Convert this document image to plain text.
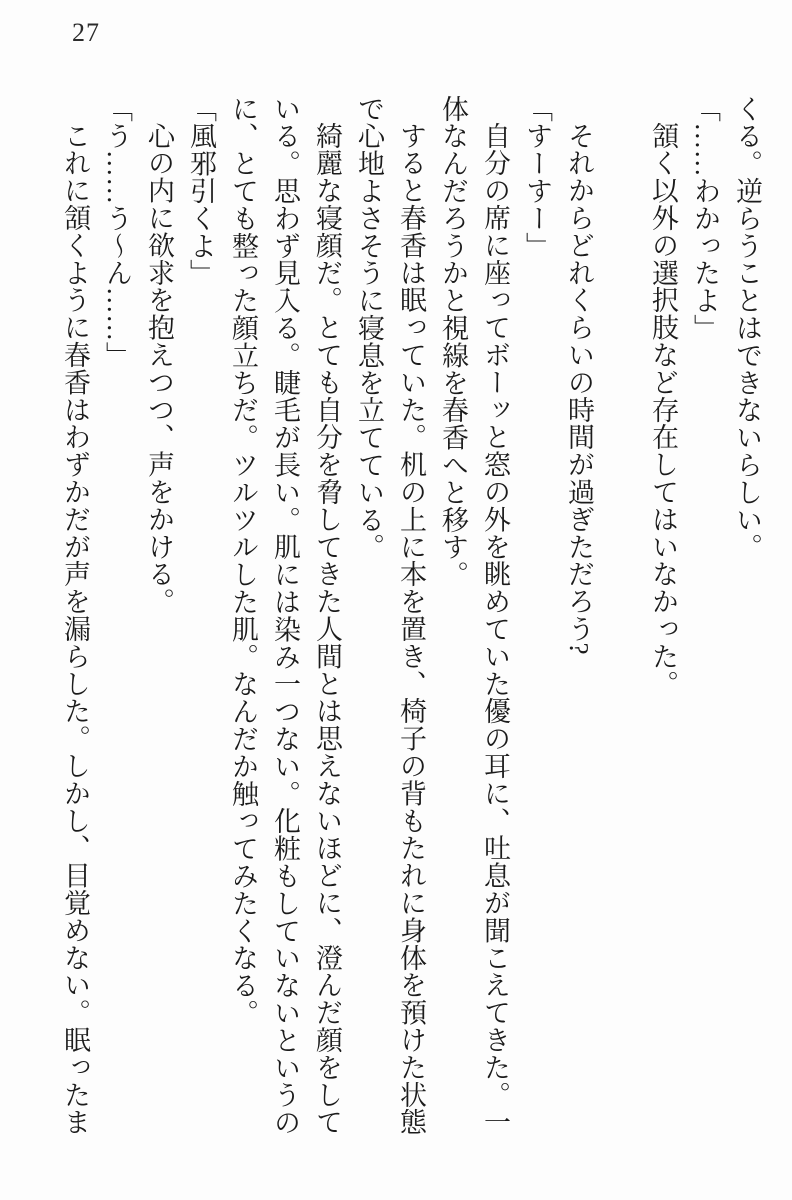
27

くる。逆らうことはできないらしい。

「……わかったよ」

頷く以外の選択肢など存在してはいなかった。

それからどれくらいの時間が過ぎただろう?

「すーすー」

自分の席に座ってボーッと窓の外を眺めていた優の耳に、吐息が聞こえてきた。一体なんだろうかと視線を春香へと移す。

すると春香は眠っていた。机の上に本を置き、椅子の背もたれに身体を預けた状態で心地よさそうに寝息を立てている。

綺麗な寝顔だ。とても自分を脅してきた人間とは思えないほどに、澄んだ顔をしている。思わず見入る。睫毛が長い。肌には染み一つない。化粧もしていないというのに、とても整った顔立ちだ。ツルツルした肌。なんだか触ってみたくなる。

「風邪引くよ」

心の内に欲求を抱えつつ、声をかける。

「う……う〜ん……」

これに頷くように春香はわずかだが声を漏らした。しかし、目覚めない。眠ったま
